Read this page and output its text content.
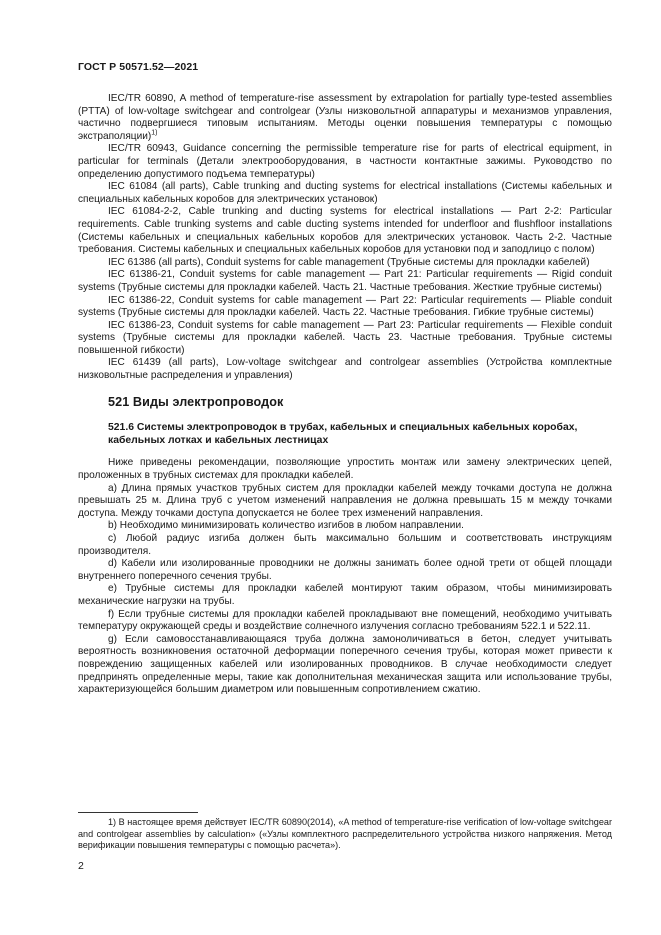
ГОСТ Р 50571.52—2021

IEC/TR 60890, A method of temperature-rise assessment by extrapolation for partially type-tested assemblies (PTTA) of low-voltage switchgear and controlgear (Узлы низковольтной аппаратуры и механизмов управления, частично подвергшиеся типовым испытаниям. Методы оценки повышения температуры с помощью экстраполяции)$^{1)}$

IEC/TR 60943, Guidance concerning the permissible temperature rise for parts of electrical equipment, in particular for terminals (Детали электрооборудования, в частности контактные зажимы. Руководство по определению допустимого подъема температуры)

IEC 61084 (all parts), Cable trunking and ducting systems for electrical installations (Системы кабельных и специальных кабельных коробов для электрических установок)

IEC 61084-2-2, Cable trunking and ducting systems for electrical installations — Part 2-2: Particular requirements. Cable trunking systems and cable ducting systems intended for underfloor and flushfloor installations (Системы кабельных и специальных кабельных коробов для электрических установок. Часть 2-2. Частные требования. Системы кабельных и специальных кабельных коробов для установки под и заподлицо с полом)

IEC 61386 (all parts), Conduit systems for cable management (Трубные системы для прокладки кабелей)

IEC 61386-21, Conduit systems for cable management — Part 21: Particular requirements — Rigid conduit systems (Трубные системы для прокладки кабелей. Часть 21. Частные требования. Жесткие трубные системы)

IEC 61386-22, Conduit systems for cable management — Part 22: Particular requirements — Pliable conduit systems (Трубные системы для прокладки кабелей. Часть 22. Частные требования. Гибкие трубные системы)

IEC 61386-23, Conduit systems for cable management — Part 23: Particular requirements — Flexible conduit systems (Трубные системы для прокладки кабелей. Часть 23. Частные требования. Трубные системы повышенной гибкости)

IEC 61439 (all parts), Low-voltage switchgear and controlgear assemblies (Устройства комплектные низковольтные распределения и управления)

521 Виды электропроводок
521.6 Системы электропроводок в трубах, кабельных и специальных кабельных коробах, кабельных лотках и кабельных лестницах

Ниже приведены рекомендации, позволяющие упростить монтаж или замену электрических цепей, проложенных в трубных системах для прокладки кабелей.

a) Длина прямых участков трубных систем для прокладки кабелей между точками доступа не должна превышать 25 м. Длина труб с учетом изменений направления не должна превышать 15 м между точками доступа. Между точками доступа допускается не более трех изменений направления.

b) Необходимо минимизировать количество изгибов в любом направлении.

c) Любой радиус изгиба должен быть максимально большим и соответствовать инструкциям производителя.

d) Кабели или изолированные проводники не должны занимать более одной трети от общей площади внутреннего поперечного сечения трубы.

e) Трубные системы для прокладки кабелей монтируют таким образом, чтобы минимизировать механические нагрузки на трубы.

f) Если трубные системы для прокладки кабелей прокладывают вне помещений, необходимо учитывать температуру окружающей среды и воздействие солнечного излучения согласно требованиям 522.1 и 522.11.

g) Если самовосстанавливающаяся труба должна замоноличиваться в бетон, следует учитывать вероятность возникновения остаточной деформации поперечного сечения трубы, которая может привести к повреждению защищенных кабелей или изолированных проводников. В случае необходимости следует предпринять определенные меры, такие как дополнительная механическая защита или использование трубы, характеризующейся большим диаметром или повышенным сопротивлением сжатию.

1) В настоящее время действует IEC/TR 60890(2014), «A method of temperature-rise verification of low-voltage switchgear and controlgear assemblies by calculation» («Узлы комплектного распределительного устройства низкого напряжения. Метод верификации повышения температуры с помощью расчета»).

2
